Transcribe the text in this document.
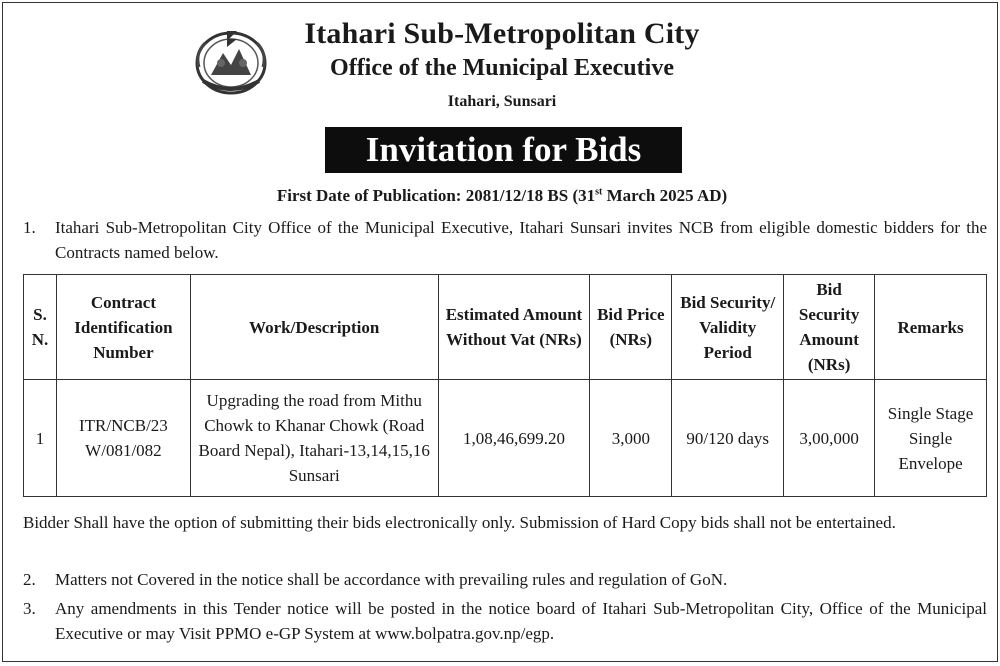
Itahari Sub-Metropolitan City
Office of the Municipal Executive
Itahari, Sunsari
Invitation for Bids
First Date of Publication: 2081/12/18 BS (31st March 2025 AD)
1. Itahari Sub-Metropolitan City Office of the Municipal Executive, Itahari Sunsari invites NCB from eligible domestic bidders for the Contracts named below.
S. N.	Contract Identification Number	Work/Description	Estimated Amount Without Vat (NRs)	Bid Price (NRs)	Bid Security/ Validity Period	Bid Security Amount (NRs)	Remarks
1	ITR/NCB/23 W/081/082	Upgrading the road from Mithu Chowk to Khanar Chowk (Road Board Nepal), Itahari-13,14,15,16 Sunsari	1,08,46,699.20	3,000	90/120 days	3,00,000	Single Stage Single Envelope
Bidder Shall have the option of submitting their bids electronically only. Submission of Hard Copy bids shall not be entertained.
2. Matters not Covered in the notice shall be accordance with prevailing rules and regulation of GoN.
3. Any amendments in this Tender notice will be posted in the notice board of Itahari Sub-Metropolitan City, Office of the Municipal Executive or may Visit PPMO e-GP System at www.bolpatra.gov.np/egp.
